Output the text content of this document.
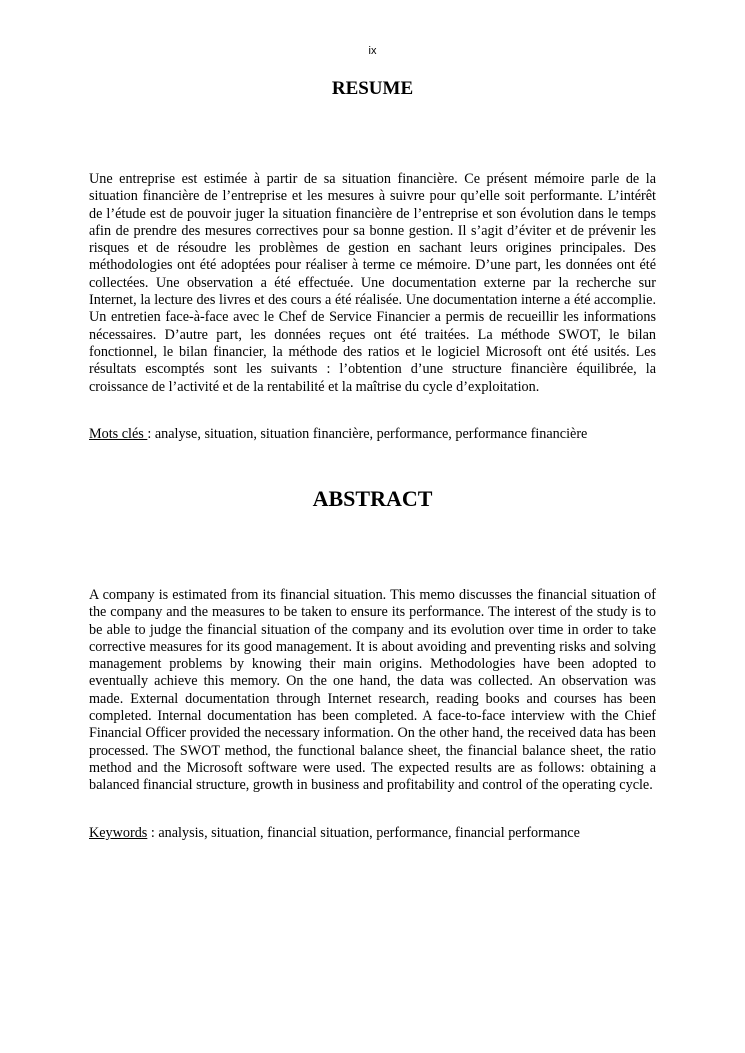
ix
RESUME

Une entreprise est estimée à partir de sa situation financière. Ce présent mémoire parle de la situation financière de l’entreprise et les mesures à suivre pour qu’elle soit performante. L’intérêt de l’étude est de pouvoir juger la situation financière de l’entreprise et son évolution dans le temps afin de prendre des mesures correctives pour sa bonne gestion. Il s’agit d’éviter et de prévenir les risques et de résoudre les problèmes de gestion en sachant leurs origines principales. Des méthodologies ont été adoptées pour réaliser à terme ce mémoire. D’une part, les données ont été collectées. Une observation a été effectuée. Une documentation externe par la recherche sur Internet, la lecture des livres et des cours a été réalisée. Une documentation interne a été accomplie. Un entretien face-à-face avec le Chef de Service Financier a permis de recueillir les informations nécessaires. D’autre part, les données reçues ont été traitées. La méthode SWOT, le bilan fonctionnel, le bilan financier, la méthode des ratios et le logiciel Microsoft ont été usités. Les résultats escomptés sont les suivants : l’obtention d’une structure financière équilibrée, la croissance de l’activité et de la rentabilité et la maîtrise du cycle d’exploitation.

Mots clés : analyse, situation, situation financière, performance, performance financière

ABSTRACT

A company is estimated from its financial situation. This memo discusses the financial situation of the company and the measures to be taken to ensure its performance. The interest of the study is to be able to judge the financial situation of the company and its evolution over time in order to take corrective measures for its good management. It is about avoiding and preventing risks and solving management problems by knowing their main origins. Methodologies have been adopted to eventually achieve this memory. On the one hand, the data was collected. An observation was made. External documentation through Internet research, reading books and courses has been completed. Internal documentation has been completed. A face-to-face interview with the Chief Financial Officer provided the necessary information. On the other hand, the received data has been processed. The SWOT method, the functional balance sheet, the financial balance sheet, the ratio method and the Microsoft software were used. The expected results are as follows: obtaining a balanced financial structure, growth in business and profitability and control of the operating cycle.

Keywords : analysis, situation, financial situation, performance, financial performance
